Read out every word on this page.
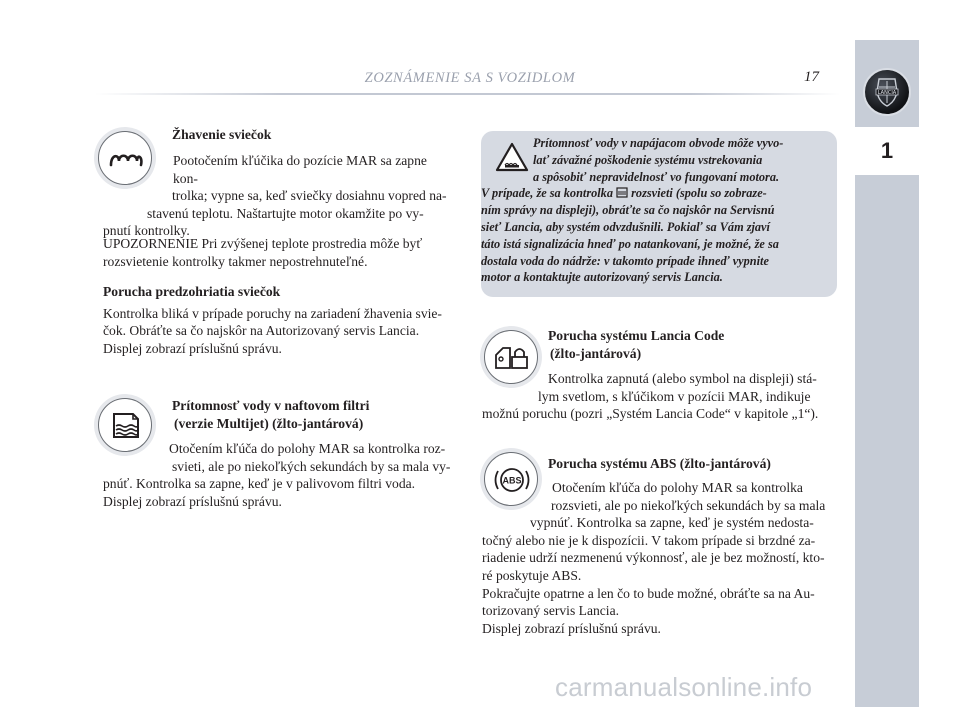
ZOZNÁMENIE SA S VOZIDLOM	17
LANCIA
1

Žhavenie sviečok

Pootočením kľúčika do pozície MAR sa zapne kon-

trolka; vypne sa, keď sviečky dosiahnu vopred na-

stavenú teplotu. Naštartujte motor okamžite po vy-

pnutí kontrolky.

UPOZORNENIE Pri zvýšenej teplote prostredia môže byť

rozsvietenie kontrolky takmer nepostrehnuteľné.

Porucha predzohriatia sviečok

Kontrolka bliká v prípade poruchy na zariadení žhavenia svie-

čok. Obráťte sa čo najskôr na Autorizovaný servis Lancia.

Displej zobrazí príslušnú správu.

Prítomnosť vody v naftovom filtri

(verzie Multijet) (žlto-jantárová)

Otočením kľúča do polohy MAR sa kontrolka roz-

svieti, ale po niekoľkých sekundách by sa mala vy-

pnúť. Kontrolka sa zapne, keď je v palivovom filtri voda.

Displej zobrazí príslušnú správu.

Prítomnosť vody v napájacom obvode môže vyvo-

lať závažné poškodenie systému vstrekovania

a spôsobiť nepravidelnosť vo fungovaní motora.

V prípade, že sa kontrolka rozsvieti (spolu so zobraze-

ním správy na displeji), obráťte sa čo najskôr na Servisnú

sieť Lancia, aby systém odvzdušnili. Pokiaľ sa Vám zjaví

táto istá signalizácia hneď po natankovaní, je možné, že sa

dostala voda do nádrže: v takomto prípade ihneď vypnite

motor a kontaktujte autorizovaný servis Lancia.

Porucha systému Lancia Code

(žlto-jantárová)

Kontrolka zapnutá (alebo symbol na displeji) stá-

lym svetlom, s kľúčikom v pozícii MAR, indikuje

možnú poruchu (pozri „Systém Lancia Code“ v kapitole „1“).

ABS

Porucha systému ABS (žlto-jantárová)

Otočením kľúča do polohy MAR sa kontrolka

rozsvieti, ale po niekoľkých sekundách by sa mala

vypnúť. Kontrolka sa zapne, keď je systém nedosta-

točný alebo nie je k dispozícii. V takom prípade si brzdné za-

riadenie udrží nezmenenú výkonnosť, ale je bez možností, kto-

ré poskytuje ABS.

Pokračujte opatrne a len čo to bude možné, obráťte sa na Au-

torizovaný servis Lancia.

Displej zobrazí príslušnú správu.

carmanualsonline.info
